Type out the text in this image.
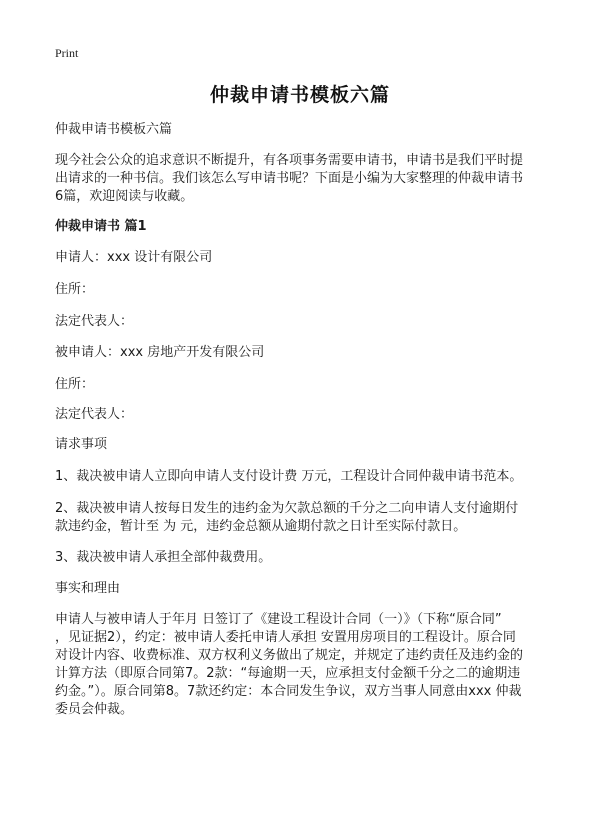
Print
仲裁申请书模板六篇
仲裁申请书模板六篇
现今社会公众的追求意识不断提升，有各项事务需要申请书，申请书是我们平时提
出请求的一种书信。我们该怎么写申请书呢？下面是小编为大家整理的仲裁申请书
6篇，欢迎阅读与收藏。
仲裁申请书 篇1
申请人：xxx 设计有限公司
住所：
法定代表人：
被申请人：xxx 房地产开发有限公司
住所：
法定代表人：
请求事项
1、裁决被申请人立即向申请人支付设计费 万元，工程设计合同仲裁申请书范本。
2、裁决被申请人按每日发生的违约金为欠款总额的千分之二向申请人支付逾期付
款违约金，暂计至 为 元，违约金总额从逾期付款之日计至实际付款日。
3、裁决被申请人承担全部仲裁费用。
事实和理由
申请人与被申请人于年月 日签订了《建设工程设计合同（一）》（下称“原合同”
，见证据2），约定：被申请人委托申请人承担 安置用房项目的工程设计。原合同
对设计内容、收费标准、双方权利义务做出了规定，并规定了违约责任及违约金的
计算方法（即原合同第7。2款：“每逾期一天，应承担支付金额千分之二的逾期违
约金。”）。原合同第8。7款还约定：本合同发生争议，双方当事人同意由xxx 仲裁
委员会仲裁。
